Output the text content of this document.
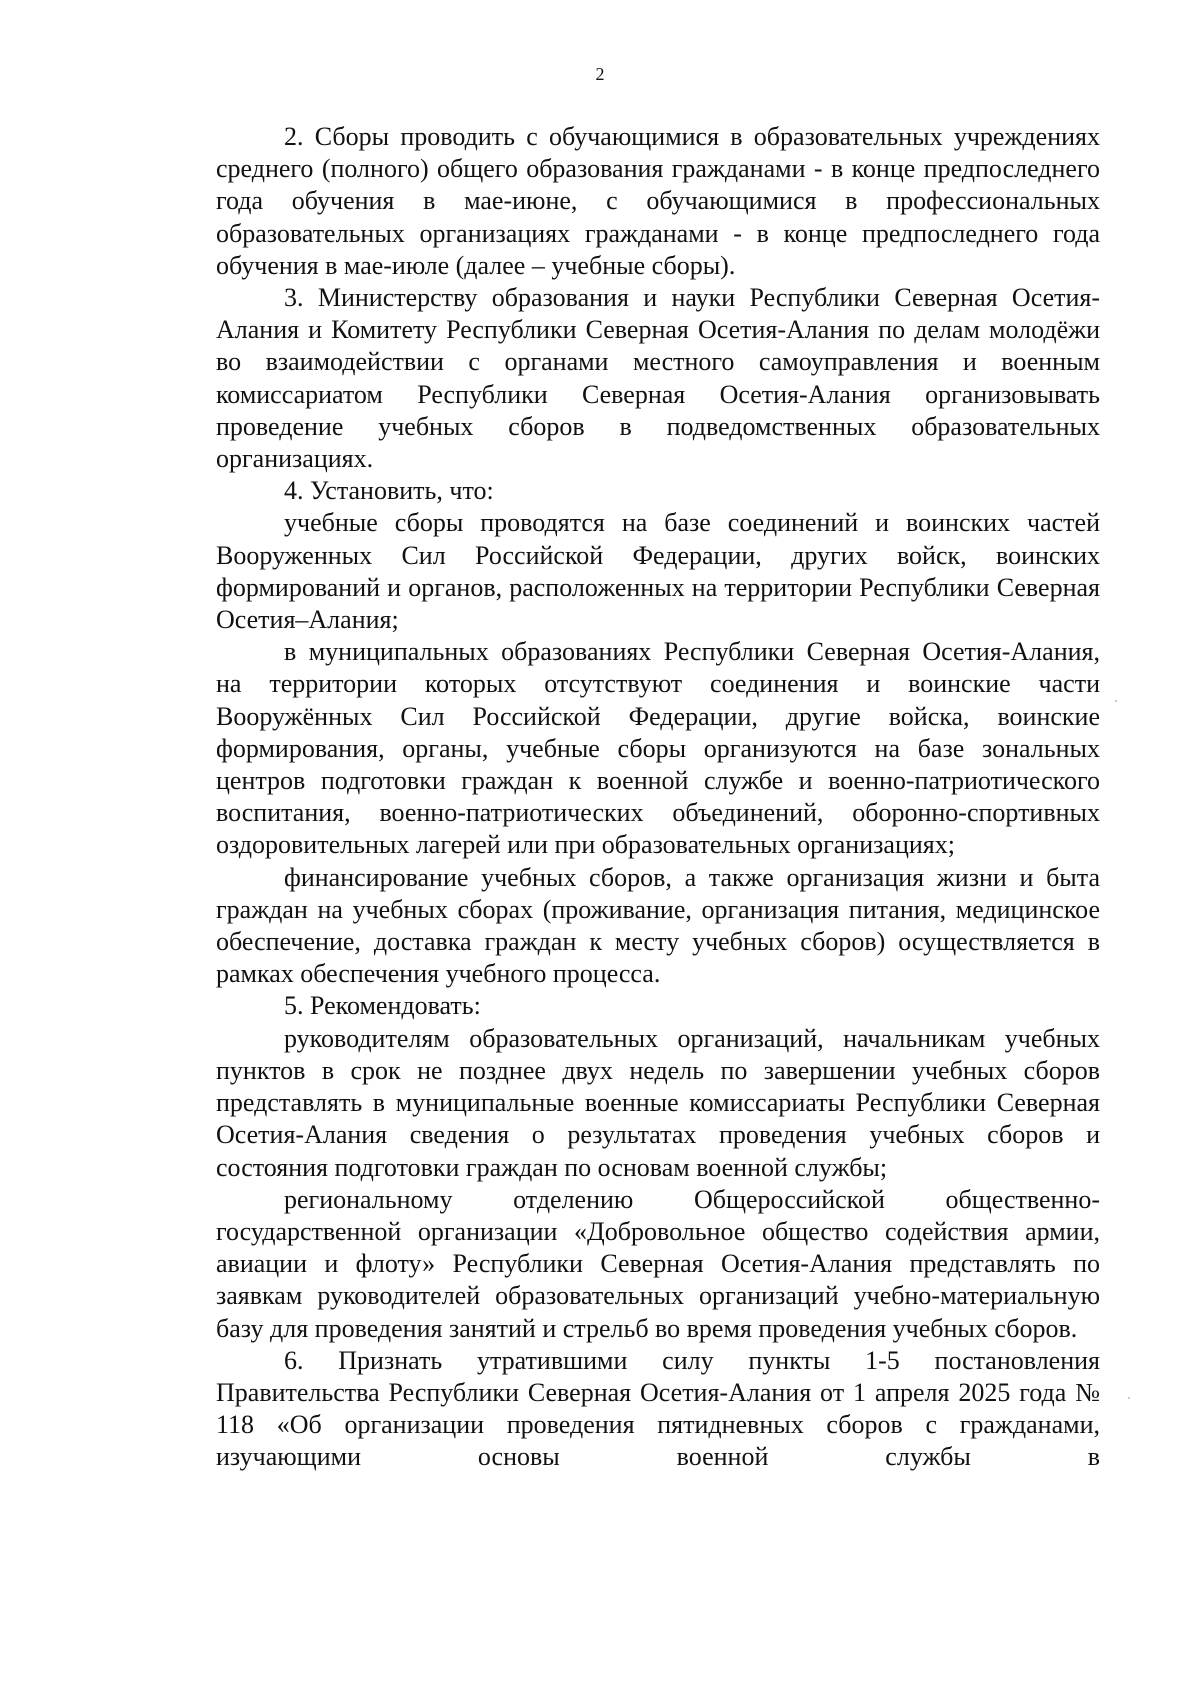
2

2. Сборы проводить с обучающимися в образовательных учреждениях среднего (полного) общего образования гражданами - в конце предпоследнего года обучения в мае-июне, с обучающимися в профессиональных образовательных организациях гражданами - в конце предпоследнего года обучения в мае-июле (далее – учебные сборы).

3. Министерству образования и науки Республики Северная Осетия-Алания и Комитету Республики Северная Осетия-Алания по делам молодёжи во взаимодействии с органами местного самоуправления и военным комиссариатом Республики Северная Осетия-Алания организовывать проведение учебных сборов в подведомственных образовательных организациях.

4. Установить, что:

учебные сборы проводятся на базе соединений и воинских частей Вооруженных Сил Российской Федерации, других войск, воинских формирований и органов, расположенных на территории Республики Северная Осетия–Алания;

в муниципальных образованиях Республики Северная Осетия-Алания, на территории которых отсутствуют соединения и воинские части Вооружённых Сил Российской Федерации, другие войска, воинские формирования, органы, учебные сборы организуются на базе зональных центров подготовки граждан к военной службе и военно-патриотического воспитания, военно-патриотических объединений, оборонно-спортивных оздоровительных лагерей или при образовательных организациях;

финансирование учебных сборов, а также организация жизни и быта граждан на учебных сборах (проживание, организация питания, медицинское обеспечение, доставка граждан к месту учебных сборов) осуществляется в рамках обеспечения учебного процесса.

5. Рекомендовать:

руководителям образовательных организаций, начальникам учебных пунктов в срок не позднее двух недель по завершении учебных сборов представлять в муниципальные военные комиссариаты Республики Северная Осетия-Алания сведения о результатах проведения учебных сборов и состояния подготовки граждан по основам военной службы;

региональному отделению Общероссийской общественно-государственной организации «Добровольное общество содействия армии, авиации и флоту» Республики Северная Осетия-Алания представлять по заявкам руководителей образовательных организаций учебно-материальную базу для проведения занятий и стрельб во время проведения учебных сборов.

6. Признать утратившими силу пункты 1-5 постановления Правительства Республики Северная Осетия-Алания от 1 апреля 2025 года № 118 «Об организации проведения пятидневных сборов с гражданами, изучающими основы военной службы в
